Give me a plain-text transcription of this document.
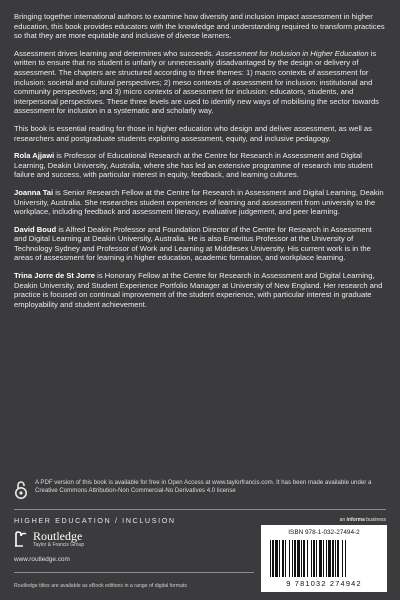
Bringing together international authors to examine how diversity and inclusion impact assessment in higher education, this book provides educators with the knowledge and understanding required to transform practices so that they are more equitable and inclusive of diverse learners.

Assessment drives learning and determines who succeeds. Assessment for Inclusion in Higher Education is written to ensure that no student is unfairly or unnecessarily disadvantaged by the design or delivery of assessment. The chapters are structured according to three themes: 1) macro contexts of assessment for inclusion: societal and cultural perspectives; 2) meso contexts of assessment for inclusion: institutional and community perspectives; and 3) micro contexts of assessment for inclusion: educators, students, and interpersonal perspectives. These three levels are used to identify new ways of mobilising the sector towards assessment for inclusion in a systematic and scholarly way.

This book is essential reading for those in higher education who design and deliver assessment, as well as researchers and postgraduate students exploring assessment, equity, and inclusive pedagogy.

Rola Ajjawi is Professor of Educational Research at the Centre for Research in Assessment and Digital Learning, Deakin University, Australia, where she has led an extensive programme of research into student failure and success, with particular interest in equity, feedback, and learning cultures.

Joanna Tai is Senior Research Fellow at the Centre for Research in Assessment and Digital Learning, Deakin University, Australia. She researches student experiences of learning and assessment from university to the workplace, including feedback and assessment literacy, evaluative judgement, and peer learning.

David Boud is Alfred Deakin Professor and Foundation Director of the Centre for Research in Assessment and Digital Learning at Deakin University, Australia. He is also Emeritus Professor at the University of Technology Sydney and Professor of Work and Learning at Middlesex University. His current work is in the areas of assessment for learning in higher education, academic formation, and workplace learning.

Trina Jorre de St Jorre is Honorary Fellow at the Centre for Research in Assessment and Digital Learning, Deakin University, and Student Experience Portfolio Manager at University of New England. Her research and practice is focused on continual improvement of the student experience, with particular interest in graduate employability and student achievement.

A PDF version of this book is available for free in Open Access at www.taylorfrancis.com. It has been made available under a Creative Commons Attribution-Non Commercial-No Derivatives 4.0 license
HIGHER EDUCATION / INCLUSION	an informa business
Routledge
Taylor & Francis Group
www.routledge.com
Routledge titles are available as eBook editions in a range of digital formats
ISBN 978-1-032-27494-2
9 781032 274942
